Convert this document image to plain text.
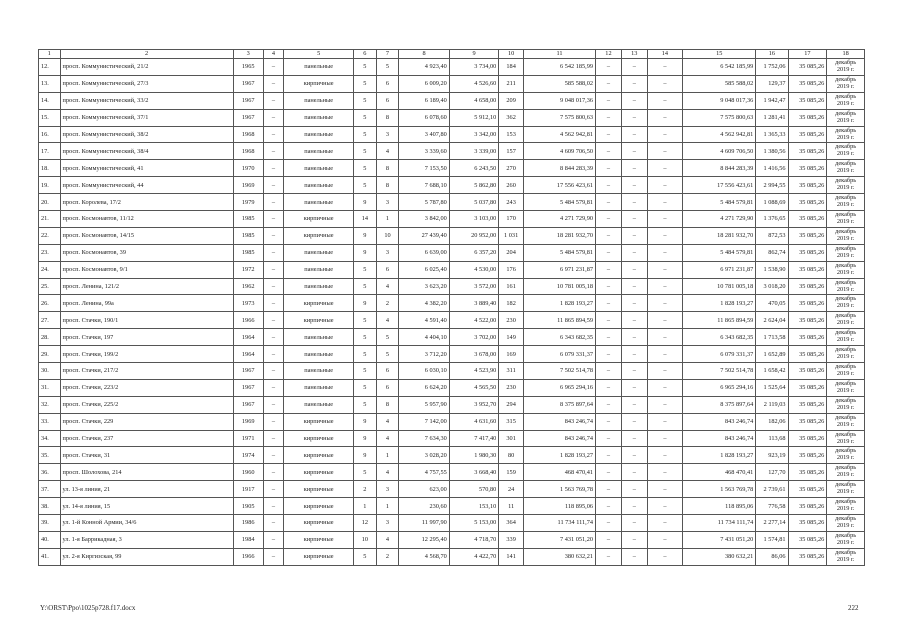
1	2	3	4	5	6	7	8	9	10	11	12	13	14	15	16	17	18
12.	просп. Коммунистический, 21/2	1965	–	панельные	5	5	4 923,40	3 734,00	184	6 542 185,99	–	–	–	6 542 185,99	1 752,06	35 085,26	декабрь 2019 г.
13.	просп. Коммунистический, 27/3	1967	–	кирпичные	5	6	6 009,20	4 526,60	211	585 588,02	–	–	–	585 588,02	129,37	35 085,26	декабрь 2019 г.
14.	просп. Коммунистический, 33/2	1967	–	панельные	5	6	6 189,40	4 658,00	209	9 048 017,36	–	–	–	9 048 017,36	1 942,47	35 085,26	декабрь 2019 г.
15.	просп. Коммунистический, 37/1	1967	–	панельные	5	8	6 078,60	5 912,10	362	7 575 800,63	–	–	–	7 575 800,63	1 281,41	35 085,26	декабрь 2019 г.
16.	просп. Коммунистический, 38/2	1968	–	панельные	5	3	3 407,80	3 342,00	153	4 562 942,81	–	–	–	4 562 942,81	1 365,33	35 085,26	декабрь 2019 г.
17.	просп. Коммунистический, 38/4	1968	–	панельные	5	4	3 339,60	3 339,00	157	4 609 706,50	–	–	–	4 609 706,50	1 380,56	35 085,26	декабрь 2019 г.
18.	просп. Коммунистический, 41	1970	–	панельные	5	8	7 153,50	6 243,50	270	8 844 283,39	–	–	–	8 844 283,39	1 416,56	35 085,26	декабрь 2019 г.
19.	просп. Коммунистический, 44	1969	–	панельные	5	8	7 688,10	5 862,80	260	17 556 423,61	–	–	–	17 556 423,61	2 994,55	35 085,26	декабрь 2019 г.
20.	просп. Королева, 17/2	1979	–	панельные	9	3	5 787,80	5 037,80	243	5 484 579,81	–	–	–	5 484 579,81	1 088,69	35 085,26	декабрь 2019 г.
21.	просп. Космонавтов, 11/12	1985	–	кирпичные	14	1	3 842,00	3 103,00	170	4 271 729,90	–	–	–	4 271 729,90	1 376,65	35 085,26	декабрь 2019 г.
22.	просп. Космонавтов, 14/15	1985	–	кирпичные	9	10	27 439,40	20 952,00	1 031	18 281 932,70	–	–	–	18 281 932,70	872,53	35 085,26	декабрь 2019 г.
23.	просп. Космонавтов, 39	1985	–	панельные	9	3	6 639,00	6 357,20	204	5 484 579,81	–	–	–	5 484 579,81	862,74	35 085,26	декабрь 2019 г.
24.	просп. Космонавтов, 9/1	1972	–	панельные	5	6	6 025,40	4 530,00	176	6 971 231,87	–	–	–	6 971 231,87	1 538,90	35 085,26	декабрь 2019 г.
25.	просп. Ленина, 121/2	1962	–	панельные	5	4	3 623,20	3 572,00	161	10 781 005,18	–	–	–	10 781 005,18	3 018,20	35 085,26	декабрь 2019 г.
26.	просп. Ленина, 99а	1973	–	кирпичные	9	2	4 382,20	3 889,40	182	1 828 193,27	–	–	–	1 828 193,27	470,05	35 085,26	декабрь 2019 г.
27.	просп. Стачки, 190/1	1966	–	кирпичные	5	4	4 591,40	4 522,00	230	11 865 894,59	–	–	–	11 865 894,59	2 624,04	35 085,26	декабрь 2019 г.
28.	просп. Стачки, 197	1964	–	панельные	5	5	4 404,10	3 702,00	149	6 343 682,35	–	–	–	6 343 682,35	1 713,58	35 085,26	декабрь 2019 г.
29.	просп. Стачки, 199/2	1964	–	панельные	5	5	3 712,20	3 678,00	169	6 079 331,37	–	–	–	6 079 331,37	1 652,89	35 085,26	декабрь 2019 г.
30.	просп. Стачки, 217/2	1967	–	панельные	5	6	6 030,10	4 523,90	311	7 502 514,78	–	–	–	7 502 514,78	1 658,42	35 085,26	декабрь 2019 г.
31.	просп. Стачки, 223/2	1967	–	панельные	5	6	6 624,20	4 565,50	230	6 965 294,16	–	–	–	6 965 294,16	1 525,64	35 085,26	декабрь 2019 г.
32.	просп. Стачки, 225/2	1967	–	панельные	5	8	5 957,90	3 952,70	294	8 375 897,64	–	–	–	8 375 897,64	2 119,03	35 085,26	декабрь 2019 г.
33.	просп. Стачки, 229	1969	–	кирпичные	9	4	7 142,00	4 631,60	315	843 246,74	–	–	–	843 246,74	182,06	35 085,26	декабрь 2019 г.
34.	просп. Стачки, 237	1971	–	кирпичные	9	4	7 634,30	7 417,40	301	843 246,74	–	–	–	843 246,74	113,68	35 085,26	декабрь 2019 г.
35.	просп. Стачки, 31	1974	–	кирпичные	9	1	3 028,20	1 980,30	80	1 828 193,27	–	–	–	1 828 193,27	923,19	35 085,26	декабрь 2019 г.
36.	просп. Шолохова, 214	1960	–	кирпичные	5	4	4 757,55	3 668,40	159	468 470,41	–	–	–	468 470,41	127,70	35 085,26	декабрь 2019 г.
37.	ул. 13-я линия, 21	1917	–	кирпичные	2	3	623,00	570,80	24	1 563 769,78	–	–	–	1 563 769,78	2 739,61	35 085,26	декабрь 2019 г.
38.	ул. 14-я линия, 15	1905	–	кирпичные	1	1	230,60	153,10	11	118 895,06	–	–	–	118 895,06	776,58	35 085,26	декабрь 2019 г.
39.	ул. 1-й Конной Армии, 34/6	1986	–	кирпичные	12	3	11 997,90	5 153,00	364	11 734 111,74	–	–	–	11 734 111,74	2 277,14	35 085,26	декабрь 2019 г.
40.	ул. 1-я Баррикадная, 3	1984	–	кирпичные	10	4	12 295,40	4 718,70	339	7 431 051,20	–	–	–	7 431 051,20	1 574,81	35 085,26	декабрь 2019 г.
41.	ул. 2-я Киргизская, 99	1966	–	кирпичные	5	2	4 568,70	4 422,70	141	380 632,21	–	–	–	380 632,21	86,06	35 085,26	декабрь 2019 г.
Y:\ORST\Ppo\1025p728.f17.docx	222
